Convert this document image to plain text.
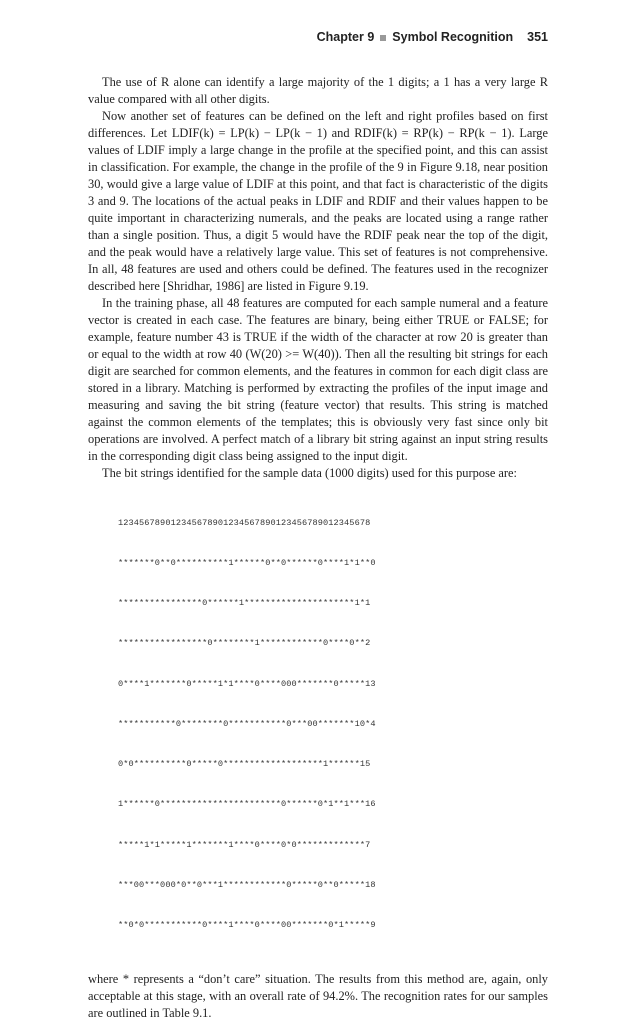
Chapter 9 Symbol Recognition 351

The use of R alone can identify a large majority of the 1 digits; a 1 has a very large R value compared with all other digits.

Now another set of features can be defined on the left and right profiles based on first differences. Let LDIF(k) = LP(k) − LP(k − 1) and RDIF(k) = RP(k) − RP(k − 1). Large values of LDIF imply a large change in the profile at the specified point, and this can assist in classification. For example, the change in the profile of the 9 in Figure 9.18, near position 30, would give a large value of LDIF at this point, and that fact is characteristic of the digits 3 and 9. The locations of the actual peaks in LDIF and RDIF and their values happen to be quite important in characterizing numerals, and the peaks are located using a range rather than a single position. Thus, a digit 5 would have the RDIF peak near the top of the digit, and the peak would have a relatively large value. This set of features is not comprehensive. In all, 48 features are used and others could be defined. The features used in the recognizer described here [Shridhar, 1986] are listed in Figure 9.19.

In the training phase, all 48 features are computed for each sample numeral and a feature vector is created in each case. The features are binary, being either TRUE or FALSE; for example, feature number 43 is TRUE if the width of the character at row 20 is greater than or equal to the width at row 40 (W(20) >= W(40)). Then all the resulting bit strings for each digit are searched for common elements, and the features in common for each digit class are stored in a library. Matching is performed by extracting the profiles of the input image and measuring and saving the bit string (feature vector) that results. This string is matched against the common elements of the templates; this is obviously very fast since only bit operations are involved. A perfect match of a library bit string against an input string results in the corresponding digit class being assigned to the input digit.

The bit strings identified for the sample data (1000 digits) used for this purpose are:

123456789012345678901234567890123456789012345678

*******0**0**********1******0**0******0****1*1**0

****************0******1*********************1*1

*****************0********1************0****0**2

0****1*******0*****1*1****0****000*******0*****13

***********0********0***********0***00*******10*4

0*0**********0*****0*******************1******15

1******0***********************0******0*1**1***16

*****1*1*****1*******1****0****0*0*************7

***00***000*0**0***1************0*****0**0*****18

**0*0***********0****1****0****00*******0*1*****9

where * represents a “don’t care” situation. The results from this method are, again, only acceptable at this stage, with an overall rate of 94.2%. The recognition rates for our samples are outlined in Table 9.1.
